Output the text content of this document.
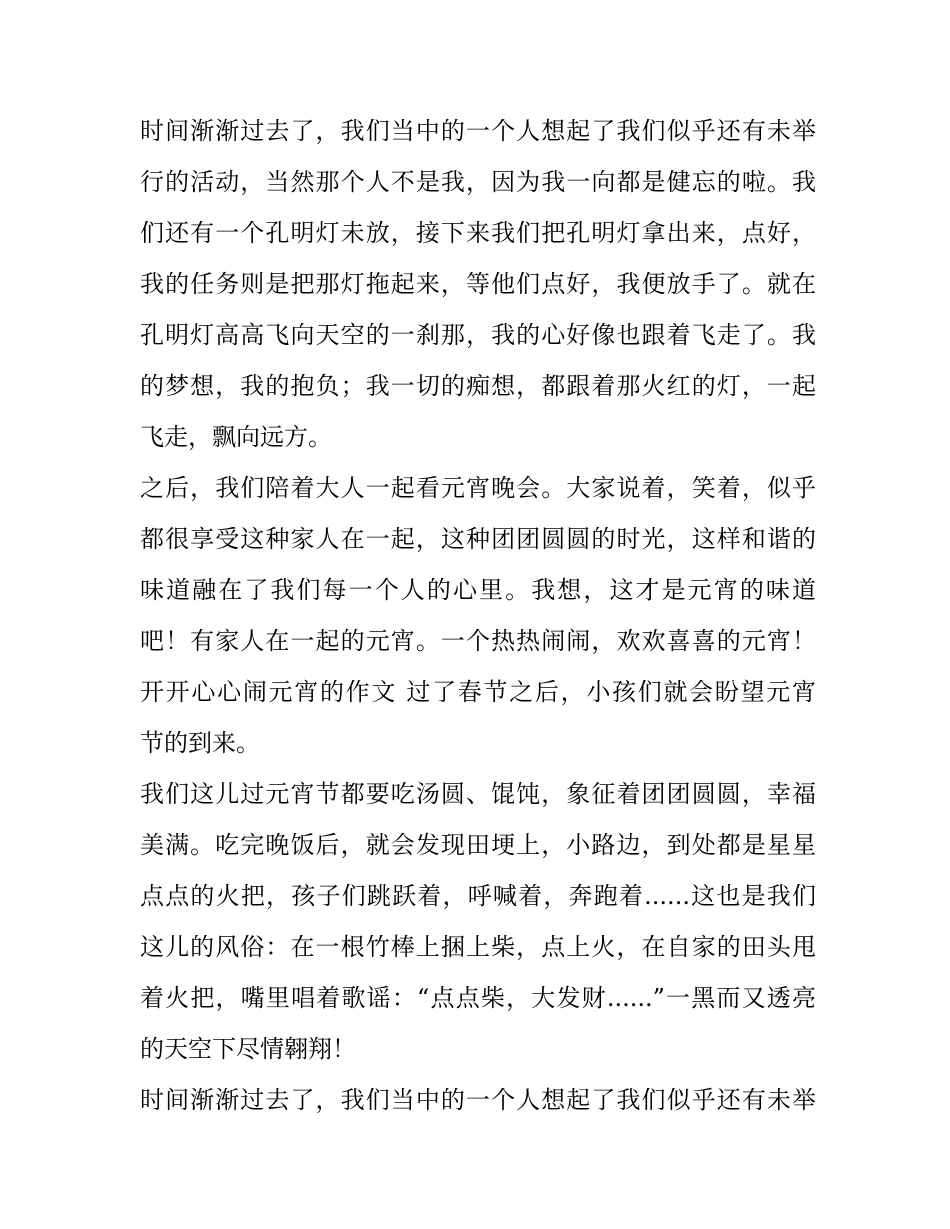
时间渐渐过去了，我们当中的一个人想起了我们似乎还有未举
行的活动，当然那个人不是我，因为我一向都是健忘的啦。我
们还有一个孔明灯未放，接下来我们把孔明灯拿出来，点好，
我的任务则是把那灯拖起来，等他们点好，我便放手了。就在
孔明灯高高飞向天空的一刹那，我的心好像也跟着飞走了。我
的梦想，我的抱负；我一切的痴想，都跟着那火红的灯，一起
飞走，飘向远方。
之后，我们陪着大人一起看元宵晚会。大家说着，笑着，似乎
都很享受这种家人在一起，这种团团圆圆的时光，这样和谐的
味道融在了我们每一个人的心里。我想，这才是元宵的味道
吧！有家人在一起的元宵。一个热热闹闹，欢欢喜喜的元宵！
开开心心闹元宵的作文 过了春节之后，小孩们就会盼望元宵
节的到来。
我们这儿过元宵节都要吃汤圆、馄饨，象征着团团圆圆，幸福
美满。吃完晚饭后，就会发现田埂上，小路边，到处都是星星
点点的火把，孩子们跳跃着，呼喊着，奔跑着......这也是我们
这儿的风俗：在一根竹棒上捆上柴，点上火，在自家的田头甩
着火把，嘴里唱着歌谣：“点点柴，大发财......”一黑而又透亮
的天空下尽情翱翔！
时间渐渐过去了，我们当中的一个人想起了我们似乎还有未举
